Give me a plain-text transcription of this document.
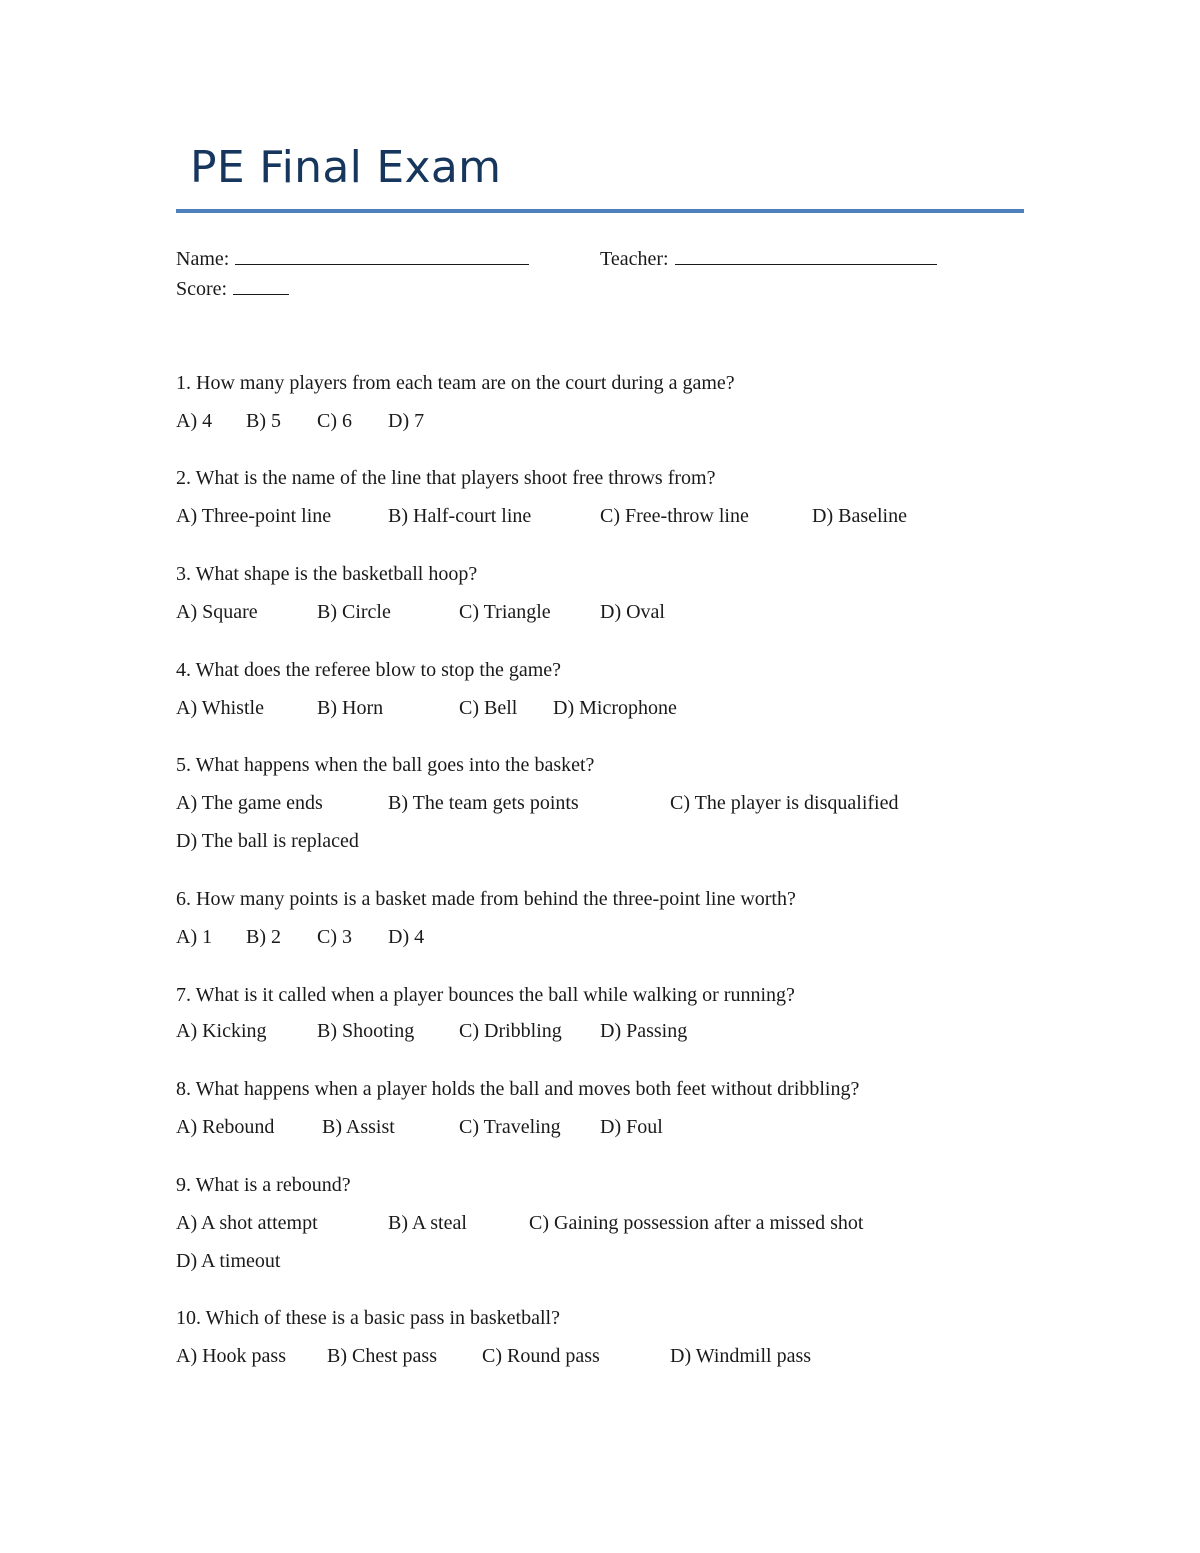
PE Final Exam
Name:	Teacher:
Score:
1. How many players from each team are on the court during a game?
A) 4 B) 5 C) 6 D) 7
2. What is the name of the line that players shoot free throws from?
A) Three-point line	B) Half-court line	C) Free-throw line	D) Baseline
3. What shape is the basketball hoop?
A) Square	B) Circle	C) Triangle D) Oval
4. What does the referee blow to stop the game?
A) Whistle	B) Horn	C) Bell D) Microphone
5. What happens when the ball goes into the basket?
A) The game ends	B) The team gets points	C) The player is disqualified
D) The ball is replaced
6. How many points is a basket made from behind the three-point line worth?
A) 1 B) 2 C) 3 D) 4
7. What is it called when a player bounces the ball while walking or running?
A) Kicking	B) Shooting C) Dribbling D) Passing
8. What happens when a player holds the ball and moves both feet without dribbling?
A) Rebound B) Assist	C) Traveling D) Foul
9. What is a rebound?
A) A shot attempt	B) A steal	C) Gaining possession after a missed shot
D) A timeout
10. Which of these is a basic pass in basketball?
A) Hook pass B) Chest pass C) Round pass	D) Windmill pass
